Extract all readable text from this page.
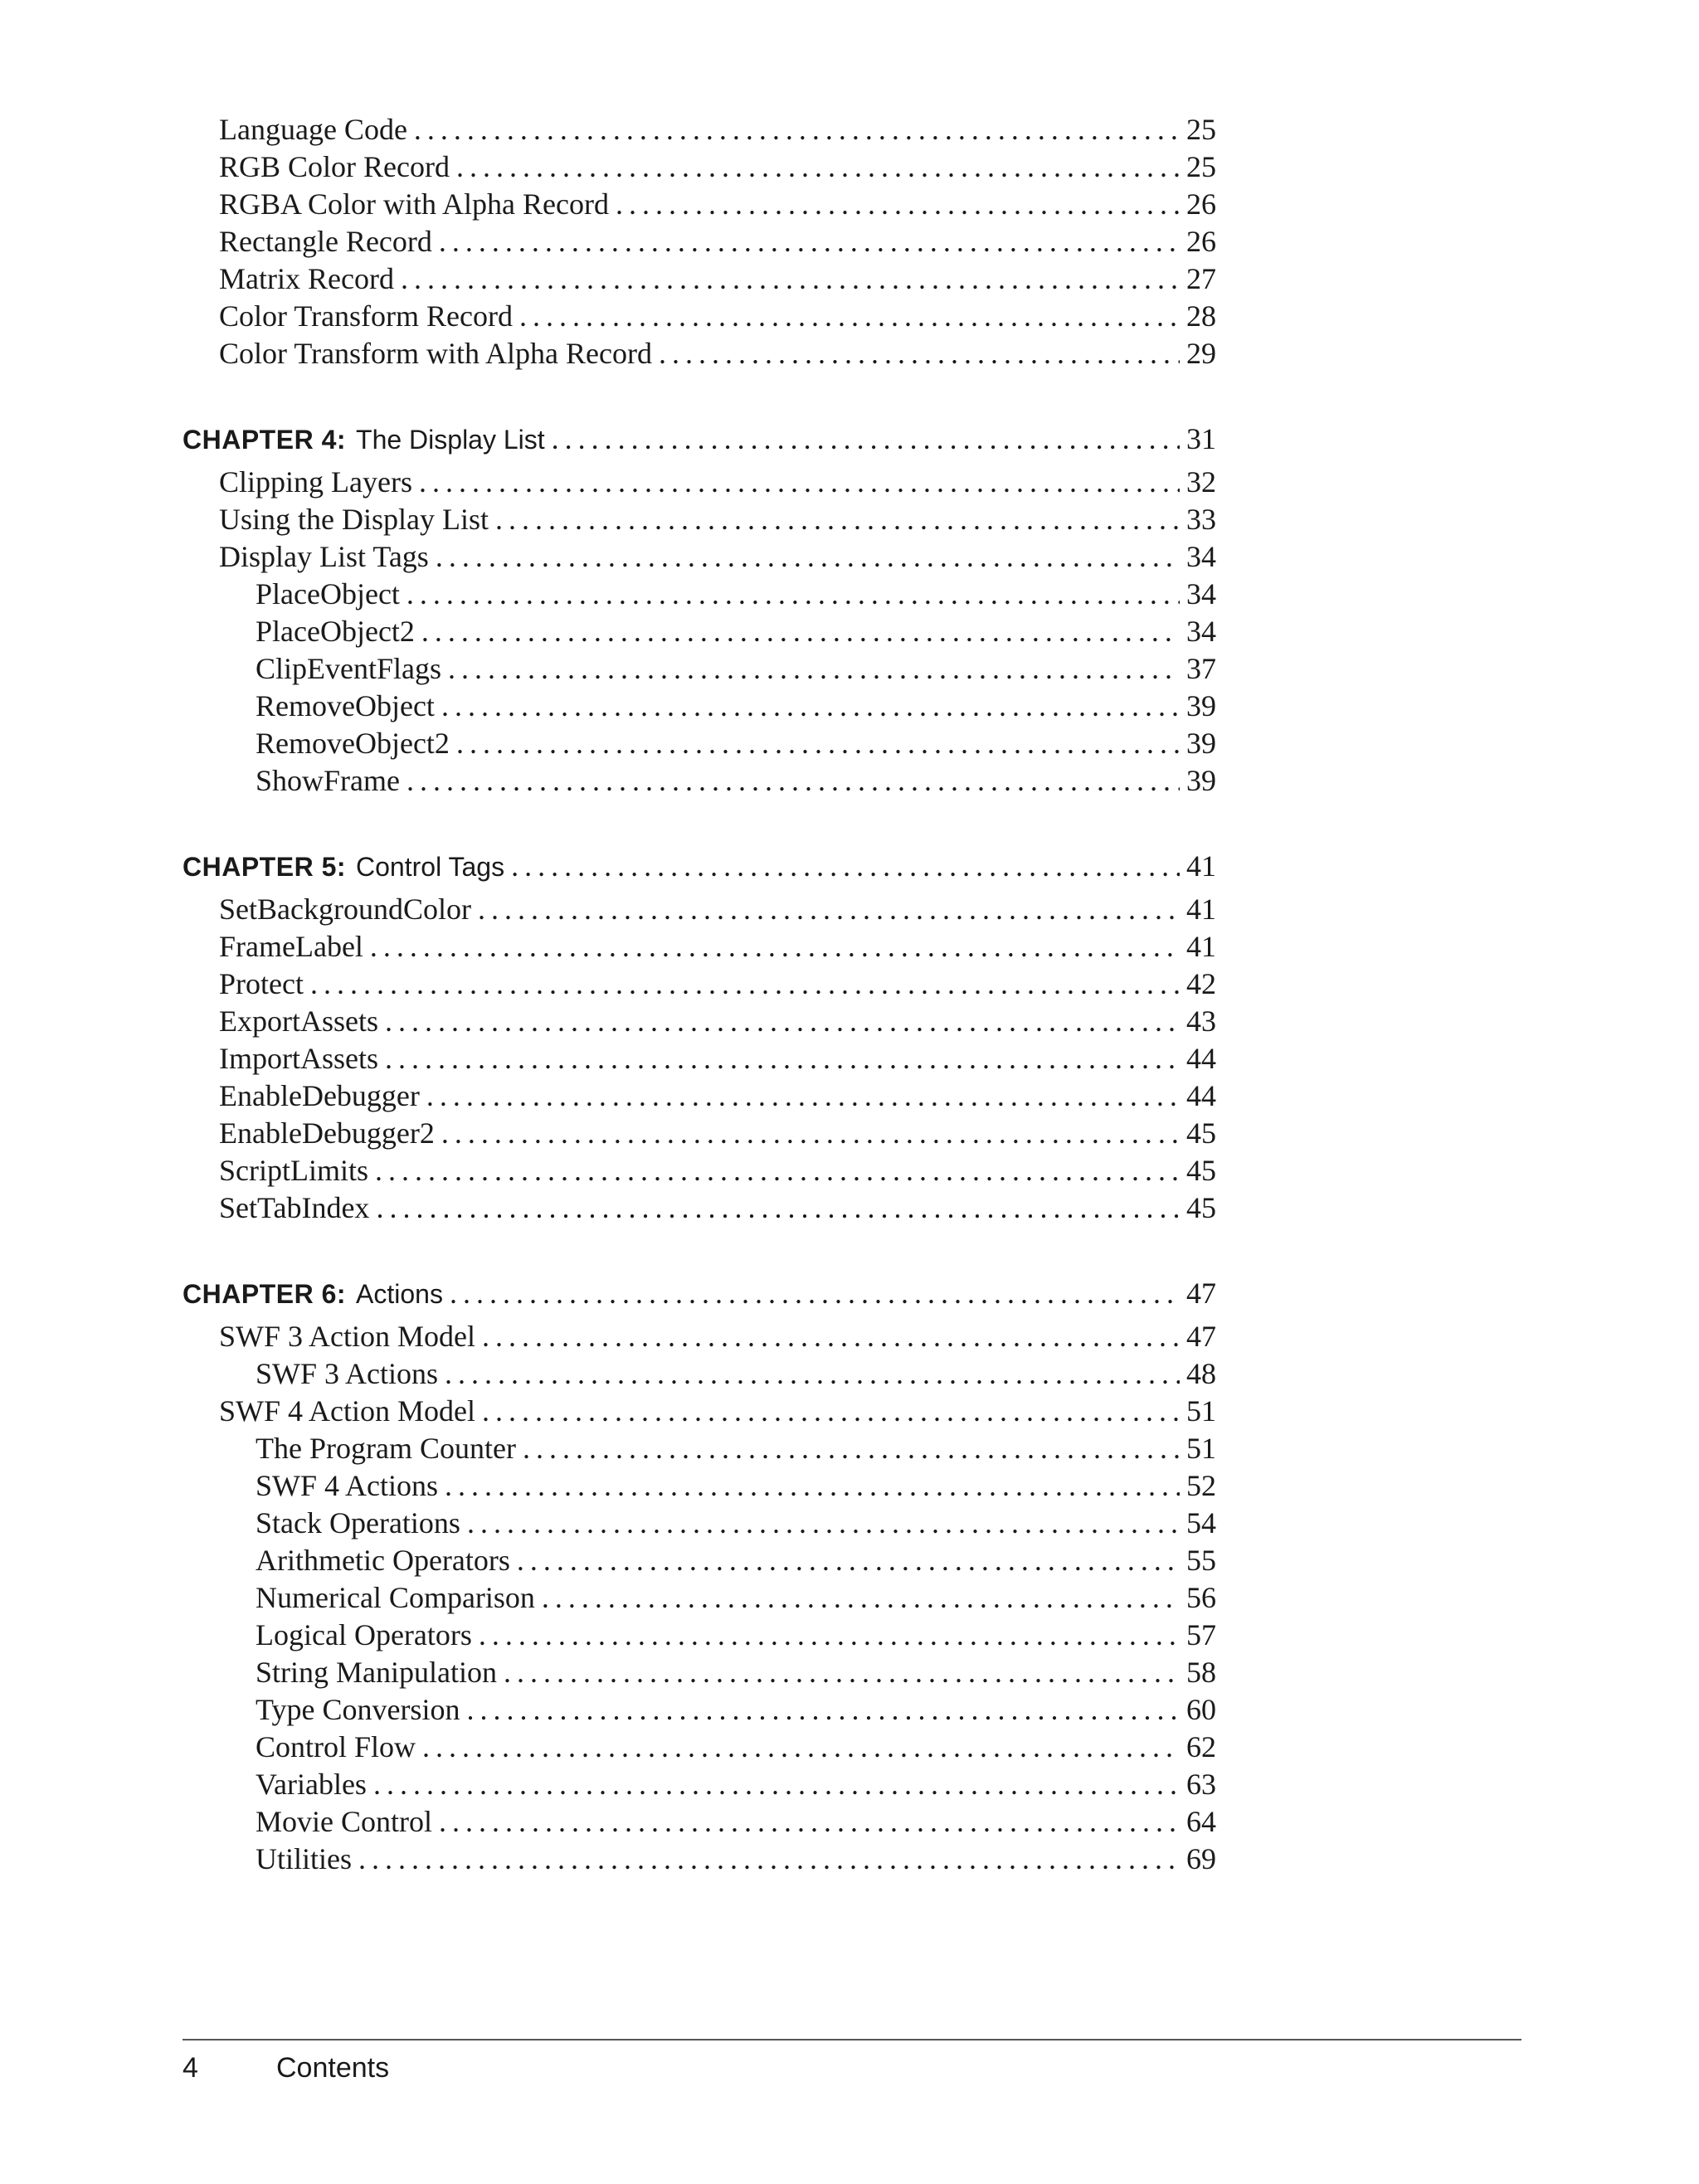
Language Code .....	25
RGB Color Record .....	25
RGBA Color with Alpha Record .....	26
Rectangle Record .....	26
Matrix Record .....	27
Color Transform Record .....	28
Color Transform with Alpha Record .....	29
CHAPTER 4: The Display List .....	31
Clipping Layers .....	32
Using the Display List .....	33
Display List Tags .....	34
PlaceObject .....	34
PlaceObject2 .....	34
ClipEventFlags .....	37
RemoveObject .....	39
RemoveObject2 .....	39
ShowFrame .....	39
CHAPTER 5: Control Tags .....	41
SetBackgroundColor .....	41
FrameLabel .....	41
Protect .....	42
ExportAssets .....	43
ImportAssets .....	44
EnableDebugger .....	44
EnableDebugger2 .....	45
ScriptLimits .....	45
SetTabIndex .....	45
CHAPTER 6: Actions .....	47
SWF 3 Action Model .....	47
SWF 3 Actions .....	48
SWF 4 Action Model .....	51
The Program Counter .....	51
SWF 4 Actions .....	52
Stack Operations .....	54
Arithmetic Operators .....	55
Numerical Comparison .....	56
Logical Operators .....	57
String Manipulation .....	58
Type Conversion .....	60
Control Flow .....	62
Variables .....	63
Movie Control .....	64
Utilities .....	69
4	Contents
